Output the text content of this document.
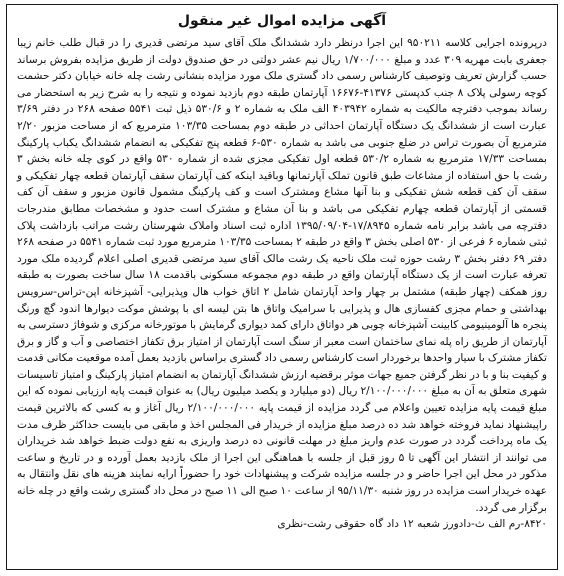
آگهی مزایده اموال غیر منقول

درپرونده اجرایی کلاسه ۹۵۰۲۱۱ این اجرا درنظر دارد ششدانگ ملک آقای سید مرتضی قدیری را در قبال طلب خانم زیبا جعفری بابت مهریه ۳۰۹ عدد و مبلغ ۱/۷۰۰/۰۰۰ ریال نیم عشر دولتی در حق صندوق دولت از طریق مزایده بفروش برساند حسب گزارش تعریف وتوصیف کارشناس رسمی داد گستری ملک مورد مزایده بنشانی رشت چله خانه خیابان دکتر حشمت کوچه رسولی پلاک ۸ جنب کدپستی ۴۱۳۷۶-۱۶۶۷۶ آپارتمان طبقه دوم بازدید نموده و نتیجه را به شرح زیر به استحضار می رساند بموجب دفترچه مالکیت به شماره ۴۰۳۹۴۲ الف ملک به شماره ۲ و ۵۳۰/۶ ذیل ثبت ۵۵۴۱ صفحه ۲۶۸ در دفتر ۳/۶۹ عبارت است از ششدانگ یک دستگاه آپارتمان احداثی در طبقه دوم بمساحت ۱۰۳/۳۵ مترمربع که از مساحت مزبور ۲/۲۰ مترمربع آن بصورت تراس در ضلع جنوبی می باشد به شماره ۵۳۰-۶ قطعه پنج تفکیکی به انضمام ششدانگ یکباب پارکینگ بمساحت ۱۷/۳۳ مترمربع به شماره ۵۳۰/۲ قطعه اول تفکیکی مجزی شده از شماره ۵۳۰ واقع در کوی چله خانه بخش ۳ رشت با حق استفاده از مشاعات طبق قانون تملک آپارتمانها وباقید اینکه کف آپارتمان سقف آپارتمان قطعه چهار تفکیکی و سقف آن کف قطعه شش تفکیکی و بنا آنها مشاع ومشترک است و کف پارکینگ مشمول قانون مزبور و سقف آن کف قسمتی از آپارتمان قطعه چهارم تفکیکی می باشد و بنا آن مشاع و مشترک است حدود و مشخصات مطابق مندرجات دفترچه می باشد برابر نامه شماره ۱۷/۸۹۴۵-۱۳۹۵/۰۹/۰۴ اداره ثبت اسناد واملاک شهرستان رشت مراتب بازداشت پلاک ثبتی شماره ۶ فرعی از ۵۳۰ اصلی بخش ۳ واقع در طبقه ۲ بمساحت ۱۰۳/۳۵ مترمربع مورد ثبت شماره ۵۵۴۱ در صفحه ۲۶۸ دفتر ۶۹ دفتر بخش ۳ رشت حوزه ثبت ملک ناحیه یک رشت مالک آقای سید مرتضی قدیری اصلی اعلام گردیده ملک مورد تعرفه عبارت است از یک دستگاه آپارتمان واقع در طبقه دوم مجموعه مسکونی باقدمت ۱۸ سال ساخت بصورت به طبقه روز همکف (چهار طبقه) مشتمل بر چهار واحد آپارتمان شامل ۲ اتاق خواب هال وپذیرایی- آشپزخانه اپن-تراس-سرویس بهداشتی و حمام مجزی کفسازی هال و پذیرایی با سرامیک واتاق ها بتن لیسه ای با پوشش موکت دیوارها اندود گچ ورنگ پنجره ها آلومینیومی کابینت آشپزخانه چوبی هر دواتاق دارای کمد دیواری گرمایش با موتورخانه مرکزی و شوفاژ دسترسی به آپارتمان از طریق راه پله نمای ساختمان است معبر از سنگ است آپارتمان از امتیاز برق تکفاز اختصاصی و آب و گاز و برق تکفاز مشترک با سیار واحدها برخوردار است کارشناس رسمی داد گستری براساس بازدید بعمل آمده موقعیت مکانی قدمت و کیفیت بنا و با در نظر گرفتن جمیع جهات موثر برقضیه ارزش ششدانگ آپارتمان به انضمام امتیاز پارکینگ و امتیاز تاسیسات شهری متعلق به آن به مبلغ ۲/۱۰۰/۰۰۰/۰۰۰ ریال (دو میلیارد و یکصد میلیون ریال) به عنوان قیمت پایه ارزیابی نموده که این مبلغ قیمت پایه مزایده تعیین واعلام می گردد مزایده از قیمت پایه ۲/۱۰۰/۰۰۰/۰۰۰ ریال آغاز و به کسی که بالاترین قیمت راپیشنهاد نماید فروخته خواهد شد ده درصد مبلغ مزایده از خریدار فی المجلس اخذ و مابقی می بایست حداکثر ظرف مدت یک ماه پرداخت گردد در صورت عدم واریز مبلغ در مهلت قانونی ده درصد واریزی به نفع دولت ضبط خواهد شد خریداران می توانند از انتشار این آگهی تا ۵ روز قبل از جلسه با هماهنگی این اجرا از ملک بازدید بعمل آورده و در تاریخ و ساعت مذکور در محل این اجرا حاضر و در جلسه مزایده شرکت و پیشنهادات خود را حضوراً ارایه نمایند هزینه های نقل وانتقال به عهده خریدار است مزایده در روز شنبه ۹۵/۱۱/۳۰ از ساعت ۱۰ صبح الی ۱۱ صبح در محل داد گستری رشت واقع در چله خانه برگزار می گردد.

۸۴۲۰-رم الف ث-دادورز شعبه ۱۲ داد گاه حقوقی رشت-نظری
